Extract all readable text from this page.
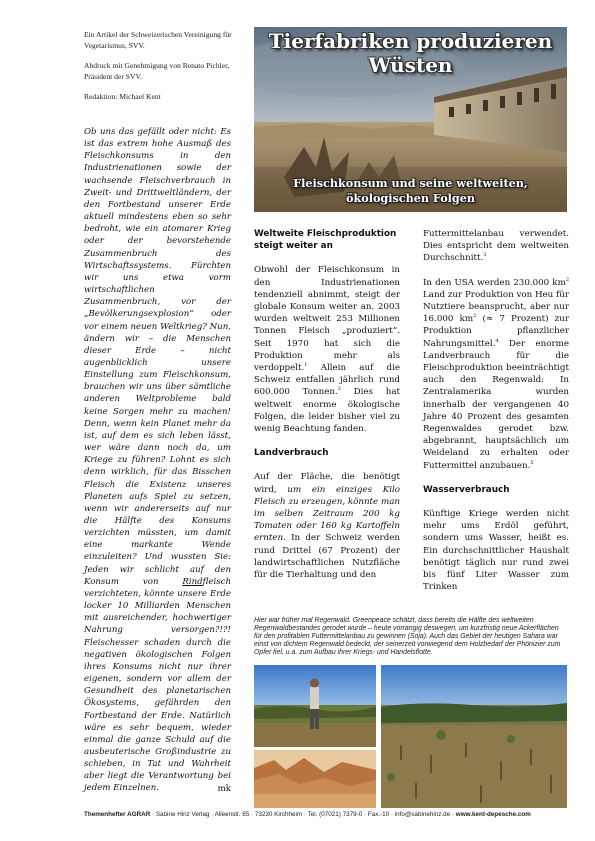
Ein Artikel der Schweizerischen Vereinigung für Vegetarismus, SVV.

Abdruck mit Genehmigung von Renato Pichler, Präsident der SVV.

Redaktion: Michael Kent

Ob uns das gefällt oder nicht: Es ist das extrem hohe Ausmaß des Fleischkonsums in den Industrienationen sowie der wachsende Fleischverbrauch in Zweit- und Drittweltländern, der den Fortbestand unserer Erde aktuell mindestens eben so sehr bedroht, wie ein atomarer Krieg oder der bevorstehende Zusammenbruch des Wirtschaftssystems. Fürchten wir uns etwa vorm wirtschaftlichen Zusammenbruch, vor der „Bevölkerungsexplosion“ oder vor einem neuen Weltkrieg? Nun, ändern wir – die Menschen dieser Erde – nicht augenblicklich unsere Einstellung zum Fleischkonsum, brauchen wir uns über sämtliche anderen Weltprobleme bald keine Sorgen mehr zu machen! Denn, wenn kein Planet mehr da ist, auf dem es sich leben lässt, wer wäre dann noch da, um Kriege zu führen? Lohnt es sich denn wirklich, für das Bisschen Fleisch die Existenz unseres Planeten aufs Spiel zu setzen, wenn wir andererseits auf nur die Hälfte des Konsums verzichten müssten, um damit eine markante Wende einzuleiten? Und wussten Sie: Jeden wir schlicht auf den Konsum von Rindfleisch verzichteten, könnte unsere Erde locker 10 Milliarden Menschen mit ausreichender, hochwertiger Nahrung versorgen?!?! Fleischesser schaden durch die negativen ökologischen Folgen ihres Konsums nicht nur ihrer eigenen, sondern vor allem der Gesundheit des planetarischen Ökosystems, gefährden den Fortbestand der Erde. Natürlich wäre es sehr bequem, wieder einmal die ganze Schuld auf die ausbeuterische Großindustrie zu schieben, in Tat und Wahrheit aber liegt die Verantwortung bei jedem Einzelnen.	mk
Tierfabriken produzieren Wüsten
Fleischkonsum und seine weltweiten, ökologischen Folgen
Weltweite Fleischproduktion steigt weiter an

Obwohl der Fleischkonsum in den Industrienationen tendenziell abnimmt, steigt der globale Konsum weiter an. 2003 wurden weltweit 253 Millionen Tonnen Fleisch „produziert“. Seit 1970 hat sich die Produktion mehr als verdoppelt.$^1$ Allein auf die Schweiz entfallen jährlich rund 600.000 Tonnen.$^2$ Dies hat weltweit enorme ökologische Folgen, die leider bisher viel zu wenig Beachtung fanden.

Landverbrauch

Auf der Fläche, die benötigt wird, um ein einziges Kilo Fleisch zu erzeugen, könnte man im selben Zeitraum 200 kg Tomaten oder 160 kg Kartoffeln ernten. In der Schweiz werden rund Drittel (67 Prozent) der landwirtschaftlichen Nutzfläche für die Tierhaltung und den

Futtermittelanbau verwendet. Dies entspricht dem weltweiten Durchschnitt.$^3$

In den USA werden 230.000 $km^2$ Land zur Produktion von Heu für Nutztiere beansprucht, aber nur 16.000 $km^2$ (≈ 7 Prozent) zur Produktion pflanzlicher Nahrungsmittel.$^4$ Der enorme Landverbrauch für die Fleischproduktion beeinträchtigt auch den Regenwald: In Zentralamerika wurden innerhalb der vergangenen 40 Jahre 40 Prozent des gesamten Regenwaldes gerodet bzw. abgebrannt, hauptsächlich um Weideland zu erhalten oder Futtermittel anzubauen.$^5$

Wasserverbrauch

Künftige Kriege werden nicht mehr ums Erdöl geführt, sondern ums Wasser, heißt es. Ein durchschnittlicher Haushalt benötigt täglich nur rund zwei bis fünf Liter Wasser zum Trinken

Hier war früher mal Regenwald. Greenpeace schätzt, dass bereits die Hälfte des weltweiten Regenwaldbestandes gerodet wurde – heute vorrangig deswegen, um kurzfristig neue Ackerflächen für den profitablen Futtermittelanbau zu gewinnen (Soja). Auch das Gebiet der heutigen Sahara war einst von dichtem Regenwald bedeckt, der seinerzeit vorwiegend dem Holzbedarf der Phönizier zum Opfer fiel, u.a. zum Aufbau ihrer Kriegs- und Handelsflotte.
Themenhefter AGRAR · Sabine Hinz Verlag · Alleenstr. 85 · 73230 Kirchheim · Tel. (07021) 7379-0 · Fax.-10 · info@sabinehinz.de · www.kent-depesche.com
